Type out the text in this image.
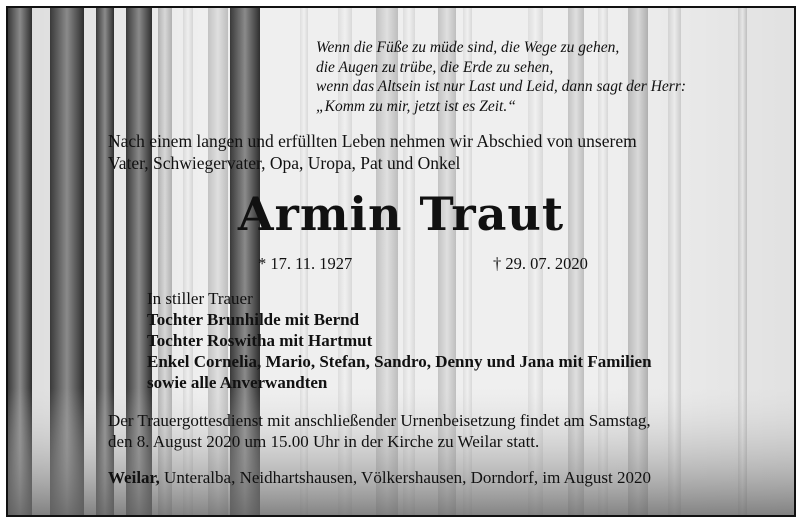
Wenn die Füße zu müde sind, die Wege zu gehen,
die Augen zu trübe, die Erde zu sehen,
wenn das Altsein ist nur Last und Leid, dann sagt der Herr:
„Komm zu mir, jetzt ist es Zeit.“
Nach einem langen und erfüllten Leben nehmen wir Abschied von unserem
Vater, Schwiegervater, Opa, Uropa, Pat und Onkel
Armin Traut
* 17. 11. 1927	† 29. 07. 2020
In stiller Trauer
Tochter Brunhilde mit Bernd
Tochter Roswitha mit Hartmut
Enkel Cornelia, Mario, Stefan, Sandro, Denny und Jana mit Familien
sowie alle Anverwandten
Der Trauergottesdienst mit anschließender Urnenbeisetzung findet am Samstag,
den 8. August 2020 um 15.00 Uhr in der Kirche zu Weilar statt.
Weilar, Unteralba, Neidhartshausen, Völkershausen, Dorndorf, im August 2020
